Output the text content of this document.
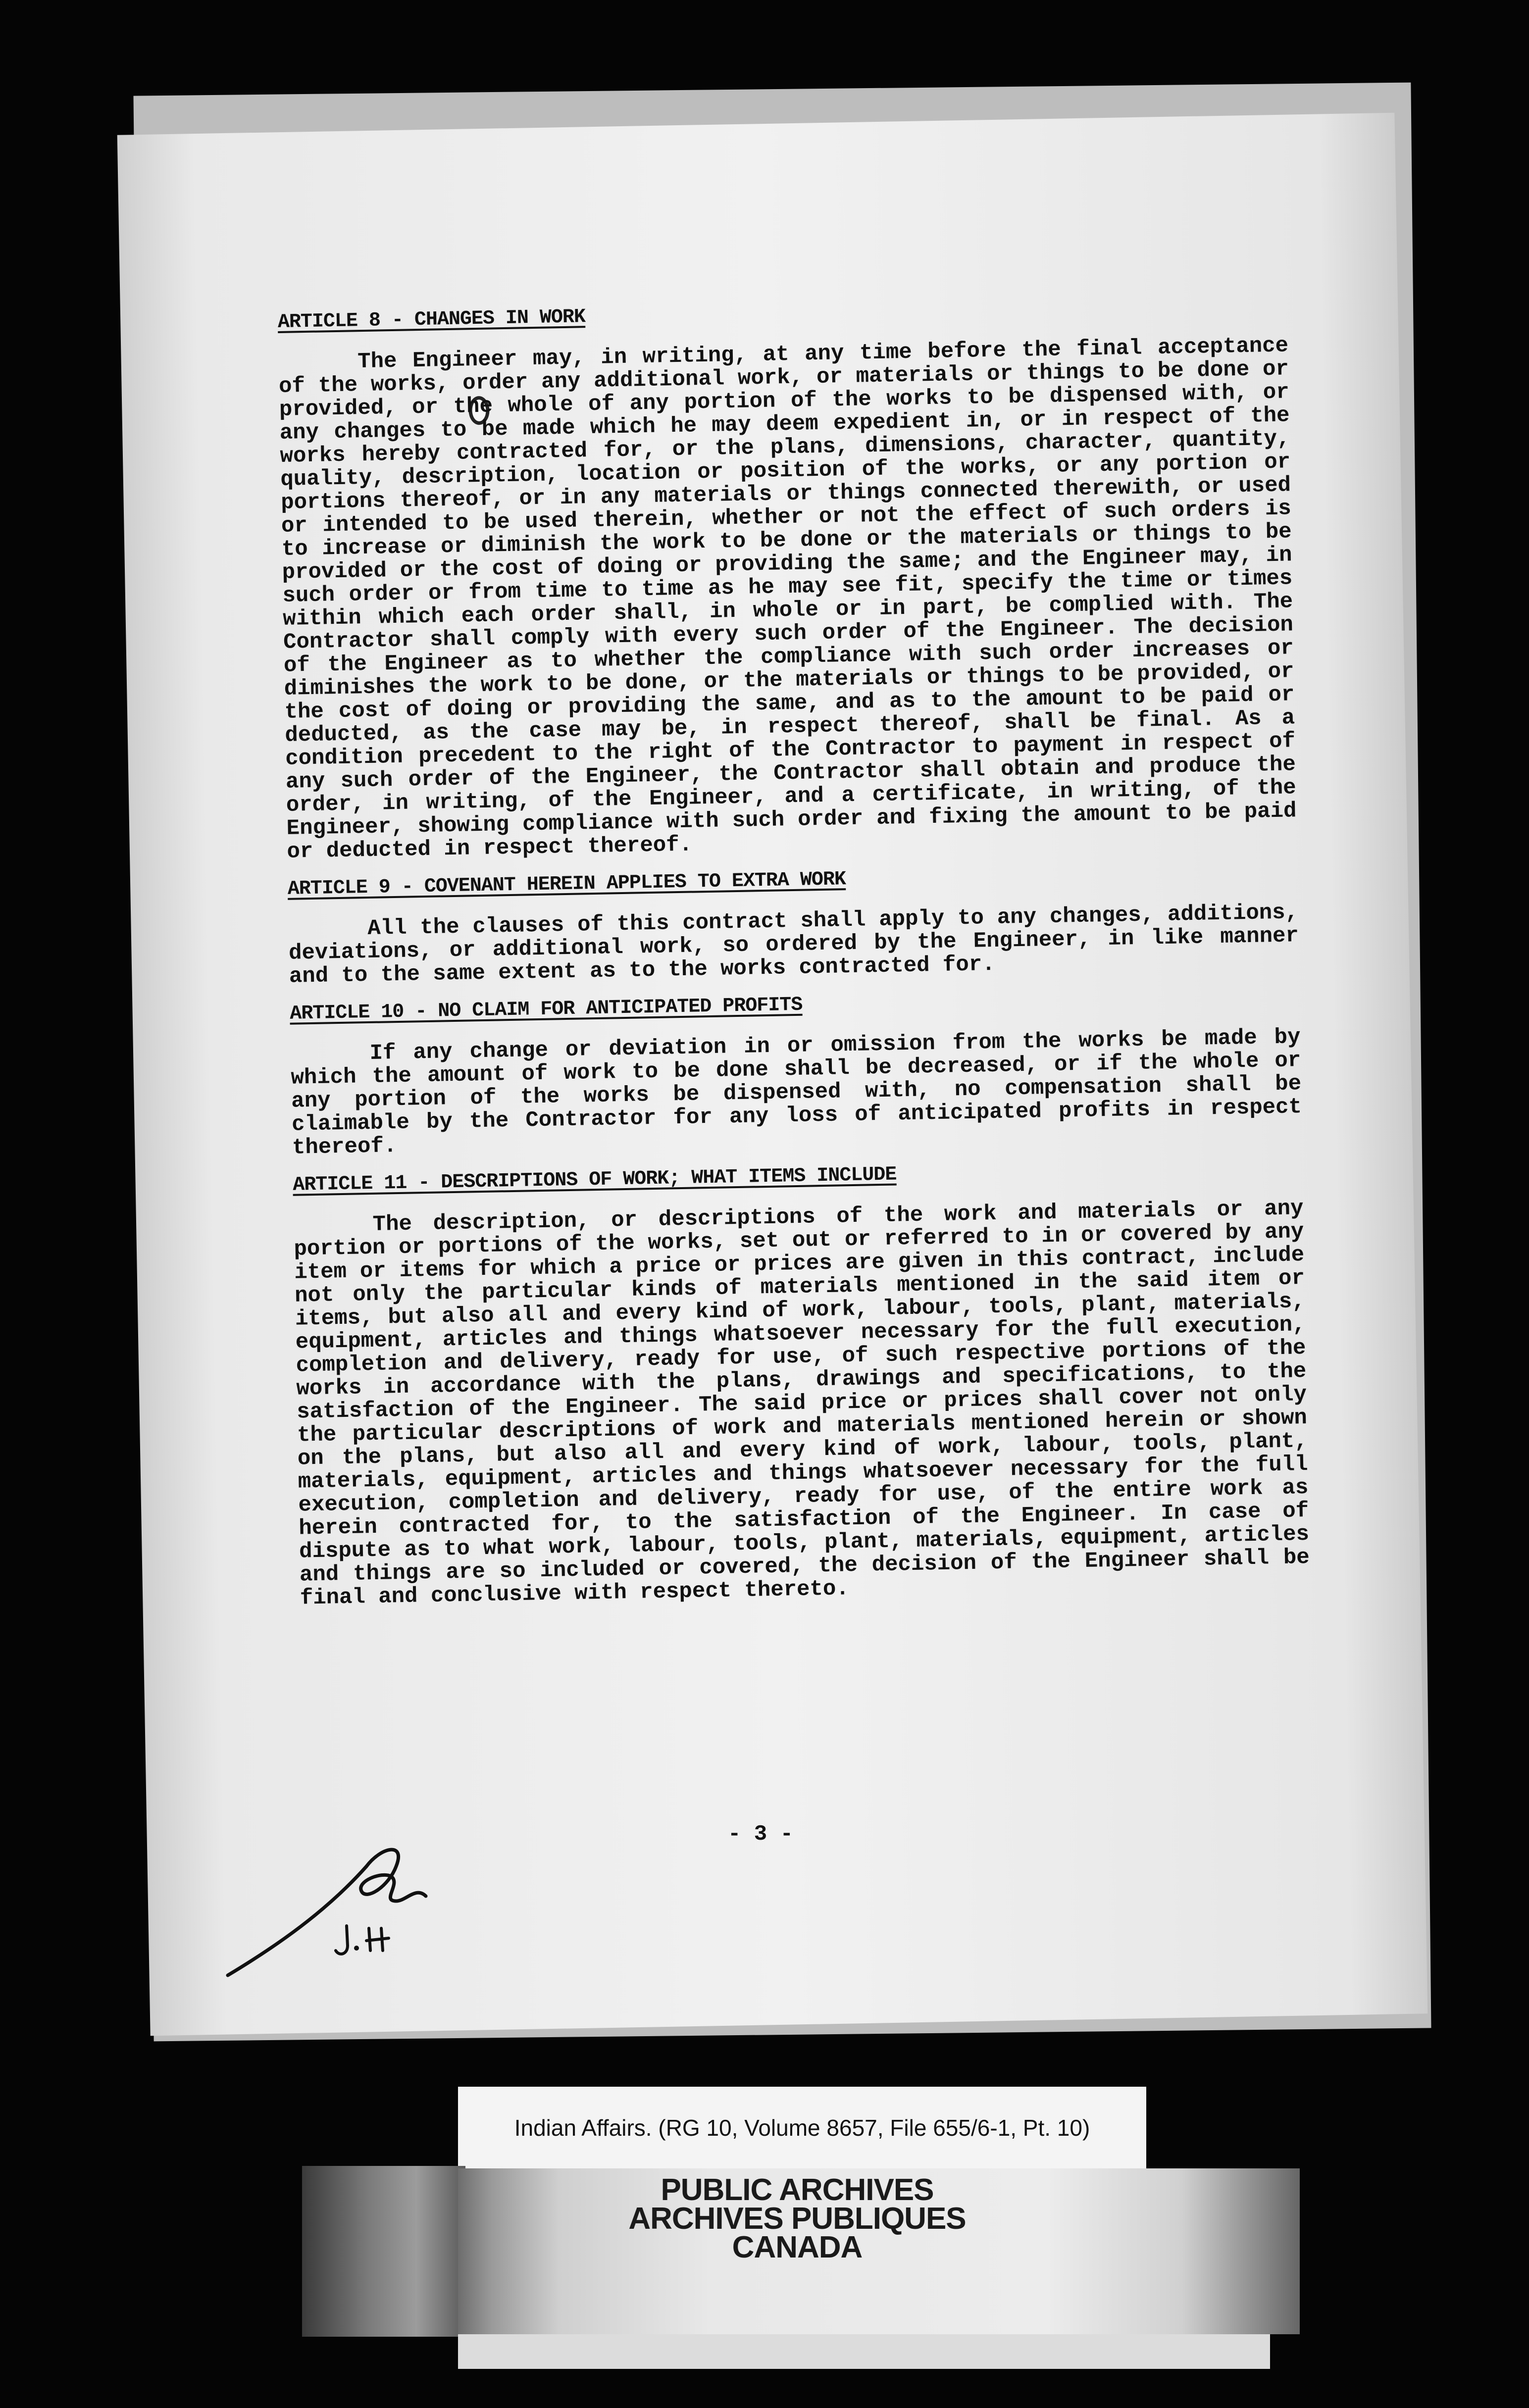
ARTICLE 8 - CHANGES IN WORK

The Engineer may, in writing, at any time before the final acceptance of the works, order any additional work, or materials or things to be done or provided, or the whole of any portion of the works to be dispensed with, or any changes to be made which he may deem expedient in, or in respect of the works hereby contracted for, or the plans, dimensions, character, quantity, quality, description, location or position of the works, or any portion or portions thereof, or in any materials or things connected therewith, or used or intended to be used therein, whether or not the effect of such orders is to increase or diminish the work to be done or the materials or things to be provided or the cost of doing or providing the same; and the Engineer may, in such order or from time to time as he may see fit, specify the time or times within which each order shall, in whole or in part, be complied with. The Contractor shall comply with every such order of the Engineer. The decision of the Engineer as to whether the compliance with such order increases or diminishes the work to be done, or the materials or things to be provided, or the cost of doing or providing the same, and as to the amount to be paid or deducted, as the case may be, in respect thereof, shall be final. As a condition precedent to the right of the Contractor to payment in respect of any such order of the Engineer, the Contractor shall obtain and produce the order, in writing, of the Engineer, and a certificate, in writing, of the Engineer, showing compliance with such order and fixing the amount to be paid or deducted in respect thereof.

ARTICLE 9 - COVENANT HEREIN APPLIES TO EXTRA WORK

All the clauses of this contract shall apply to any changes, additions, deviations, or additional work, so ordered by the Engineer, in like manner and to the same extent as to the works contracted for.

ARTICLE 10 - NO CLAIM FOR ANTICIPATED PROFITS

If any change or deviation in or omission from the works be made by which the amount of work to be done shall be decreased, or if the whole or any portion of the works be dispensed with, no compensation shall be claimable by the Contractor for any loss of anticipated profits in respect thereof.

ARTICLE 11 - DESCRIPTIONS OF WORK; WHAT ITEMS INCLUDE

The description, or descriptions of the work and materials or any portion or portions of the works, set out or referred to in or covered by any item or items for which a price or prices are given in this contract, include not only the particular kinds of materials mentioned in the said item or items, but also all and every kind of work, labour, tools, plant, materials, equipment, articles and things whatsoever necessary for the full execution, completion and delivery, ready for use, of such respective portions of the works in accordance with the plans, drawings and specifications, to the satisfaction of the Engineer. The said price or prices shall cover not only the particular descriptions of work and materials mentioned herein or shown on the plans, but also all and every kind of work, labour, tools, plant, materials, equipment, articles and things whatsoever necessary for the full execution, completion and delivery, ready for use, of the entire work as herein contracted for, to the satisfaction of the Engineer. In case of dispute as to what work, labour, tools, plant, materials, equipment, articles and things are so included or covered, the decision of the Engineer shall be final and conclusive with respect thereto.

- 3 -
Indian Affairs. (RG 10, Volume 8657, File 655/6-1, Pt. 10)
PUBLIC ARCHIVES
ARCHIVES PUBLIQUES
CANADA
